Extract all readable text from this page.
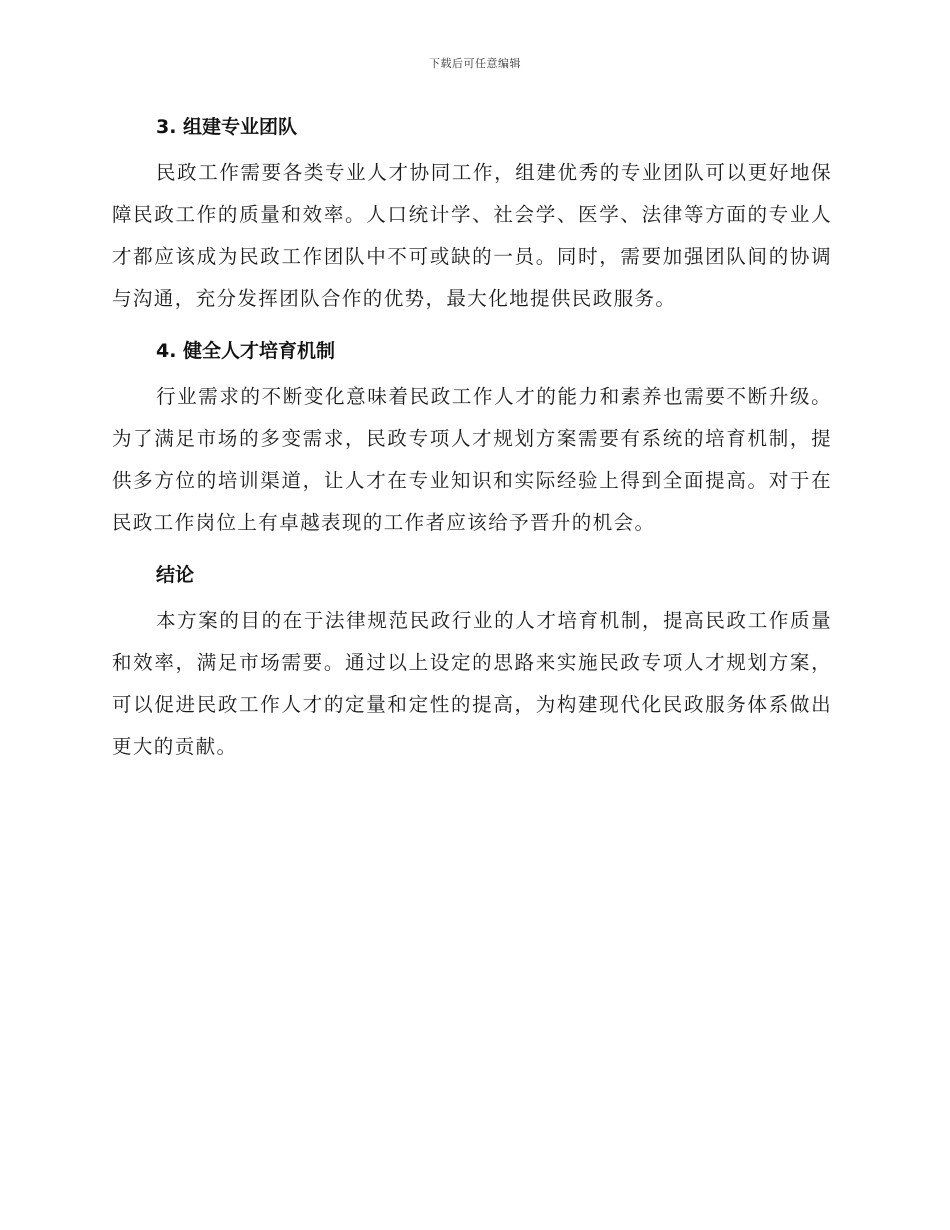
下载后可任意编辑
3. 组建专业团队

民政工作需要各类专业人才协同工作，组建优秀的专业团队可以更好地保障民政工作的质量和效率。人口统计学、社会学、医学、法律等方面的专业人才都应该成为民政工作团队中不可或缺的一员。同时，需要加强团队间的协调与沟通，充分发挥团队合作的优势，最大化地提供民政服务。

4. 健全人才培育机制

行业需求的不断变化意味着民政工作人才的能力和素养也需要不断升级。为了满足市场的多变需求，民政专项人才规划方案需要有系统的培育机制，提供多方位的培训渠道，让人才在专业知识和实际经验上得到全面提高。对于在民政工作岗位上有卓越表现的工作者应该给予晋升的机会。

结论

本方案的目的在于法律规范民政行业的人才培育机制，提高民政工作质量和效率，满足市场需要。通过以上设定的思路来实施民政专项人才规划方案，可以促进民政工作人才的定量和定性的提高，为构建现代化民政服务体系做出更大的贡献。
